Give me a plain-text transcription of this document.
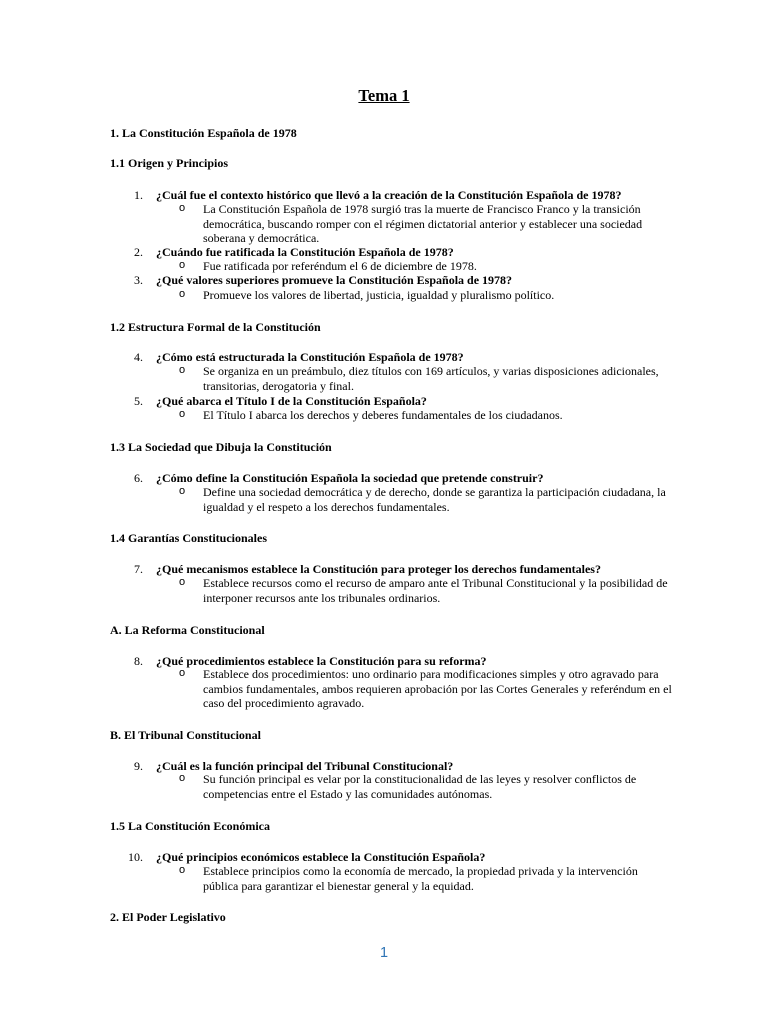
Tema 1
1. La Constitución Española de 1978
1.1 Origen y Principios
1. ¿Cuál fue el contexto histórico que llevó a la creación de la Constitución Española de 1978?
o La Constitución Española de 1978 surgió tras la muerte de Francisco Franco y la transición democrática, buscando romper con el régimen dictatorial anterior y establecer una sociedad soberana y democrática.
2. ¿Cuándo fue ratificada la Constitución Española de 1978?
o Fue ratificada por referéndum el 6 de diciembre de 1978.
3. ¿Qué valores superiores promueve la Constitución Española de 1978?
o Promueve los valores de libertad, justicia, igualdad y pluralismo político.
1.2 Estructura Formal de la Constitución
4. ¿Cómo está estructurada la Constitución Española de 1978?
o Se organiza en un preámbulo, diez títulos con 169 artículos, y varias disposiciones adicionales, transitorias, derogatoria y final.
5. ¿Qué abarca el Título I de la Constitución Española?
o El Título I abarca los derechos y deberes fundamentales de los ciudadanos.
1.3 La Sociedad que Dibuja la Constitución
6. ¿Cómo define la Constitución Española la sociedad que pretende construir?
o Define una sociedad democrática y de derecho, donde se garantiza la participación ciudadana, la igualdad y el respeto a los derechos fundamentales.
1.4 Garantías Constitucionales
7. ¿Qué mecanismos establece la Constitución para proteger los derechos fundamentales?
o Establece recursos como el recurso de amparo ante el Tribunal Constitucional y la posibilidad de interponer recursos ante los tribunales ordinarios.
A. La Reforma Constitucional
8. ¿Qué procedimientos establece la Constitución para su reforma?
o Establece dos procedimientos: uno ordinario para modificaciones simples y otro agravado para cambios fundamentales, ambos requieren aprobación por las Cortes Generales y referéndum en el caso del procedimiento agravado.
B. El Tribunal Constitucional
9. ¿Cuál es la función principal del Tribunal Constitucional?
o Su función principal es velar por la constitucionalidad de las leyes y resolver conflictos de competencias entre el Estado y las comunidades autónomas.
1.5 La Constitución Económica
10. ¿Qué principios económicos establece la Constitución Española?
o Establece principios como la economía de mercado, la propiedad privada y la intervención pública para garantizar el bienestar general y la equidad.
2. El Poder Legislativo
1
